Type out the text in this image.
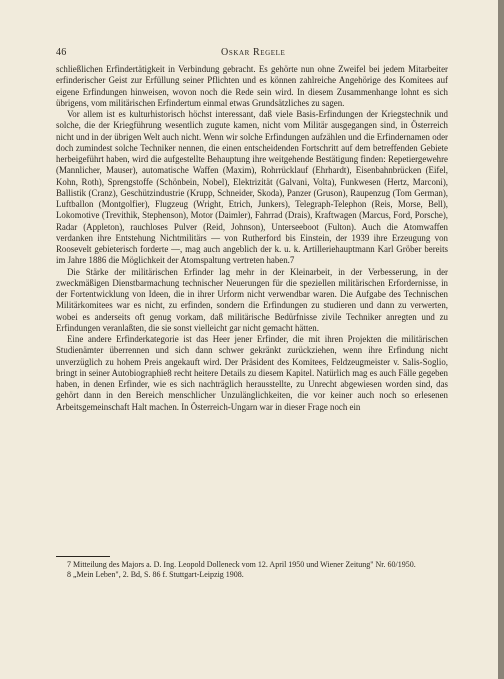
46	Oskar Regele

schließlichen Erfindertätigkeit in Verbindung gebracht. Es gehörte nun ohne Zweifel bei jedem Mitarbeiter erfinderischer Geist zur Erfüllung seiner Pflichten und es können zahlreiche Angehörige des Komitees auf eigene Erfindungen hinweisen, wovon noch die Rede sein wird. In diesem Zusammenhange lohnt es sich übrigens, vom militärischen Erfindertum einmal etwas Grundsätzliches zu sagen.

Vor allem ist es kulturhistorisch höchst interessant, daß viele Basis-Erfindungen der Kriegstechnik und solche, die der Kriegführung wesentlich zugute kamen, nicht vom Militär ausgegangen sind, in Österreich nicht und in der übrigen Welt auch nicht. Wenn wir solche Erfindungen aufzählen und die Erfindernamen oder doch zumindest solche Techniker nennen, die einen entscheidenden Fortschritt auf dem betreffenden Gebiete herbeigeführt haben, wird die aufgestellte Behauptung ihre weitgehende Bestätigung finden: Repetiergewehre (Mannlicher, Mauser), automatische Waffen (Maxim), Rohrrücklauf (Ehrhardt), Eisenbahnbrücken (Eifel, Kohn, Roth), Sprengstoffe (Schönbein, Nobel), Elektrizität (Galvani, Volta), Funkwesen (Hertz, Marconi), Ballistik (Cranz), Geschützindustrie (Krupp, Schneider, Skoda), Panzer (Gruson), Raupenzug (Tom German), Luftballon (Montgolfier), Flugzeug (Wright, Etrich, Junkers), Telegraph-Telephon (Reis, Morse, Bell), Lokomotive (Trevithik, Stephenson), Motor (Daimler), Fahrrad (Drais), Kraftwagen (Marcus, Ford, Porsche), Radar (Appleton), rauchloses Pulver (Reid, Johnson), Unterseeboot (Fulton). Auch die Atomwaffen verdanken ihre Entstehung Nichtmilitärs — von Rutherford bis Einstein, der 1939 ihre Erzeugung von Roosevelt gebieterisch forderte —, mag auch angeblich der k. u. k. Artilleriehauptmann Karl Gröber bereits im Jahre 1886 die Möglichkeit der Atomspaltung vertreten haben.7

Die Stärke der militärischen Erfinder lag mehr in der Kleinarbeit, in der Verbesserung, in der zweckmäßigen Dienstbarmachung technischer Neuerungen für die speziellen militärischen Erfordernisse, in der Fortentwicklung von Ideen, die in ihrer Urform nicht verwendbar waren. Die Aufgabe des Technischen Militärkomitees war es nicht, zu erfinden, sondern die Erfindungen zu studieren und dann zu verwerten, wobei es anderseits oft genug vorkam, daß militärische Bedürfnisse zivile Techniker anregten und zu Erfindungen veranlaßten, die sie sonst vielleicht gar nicht gemacht hätten.

Eine andere Erfinderkategorie ist das Heer jener Erfinder, die mit ihren Projekten die militärischen Studienämter überrennen und sich dann schwer gekränkt zurückziehen, wenn ihre Erfindung nicht unverzüglich zu hohem Preis angekauft wird. Der Präsident des Komitees, Feldzeugmeister v. Salis-Soglio, bringt in seiner Autobiographie8 recht heitere Details zu diesem Kapitel. Natürlich mag es auch Fälle gegeben haben, in denen Erfinder, wie es sich nachträglich herausstellte, zu Unrecht abgewiesen worden sind, das gehört dann in den Bereich menschlicher Unzulänglichkeiten, die vor keiner auch noch so erlesenen Arbeitsgemeinschaft Halt machen. In Österreich-Ungarn war in dieser Frage noch ein

7 Mitteilung des Majors a. D. Ing. Leopold Dolleneck vom 12. April 1950 und Wiener Zeitung" Nr. 60/1950.

8 „Mein Leben", 2. Bd, S. 86 f. Stuttgart-Leipzig 1908.
